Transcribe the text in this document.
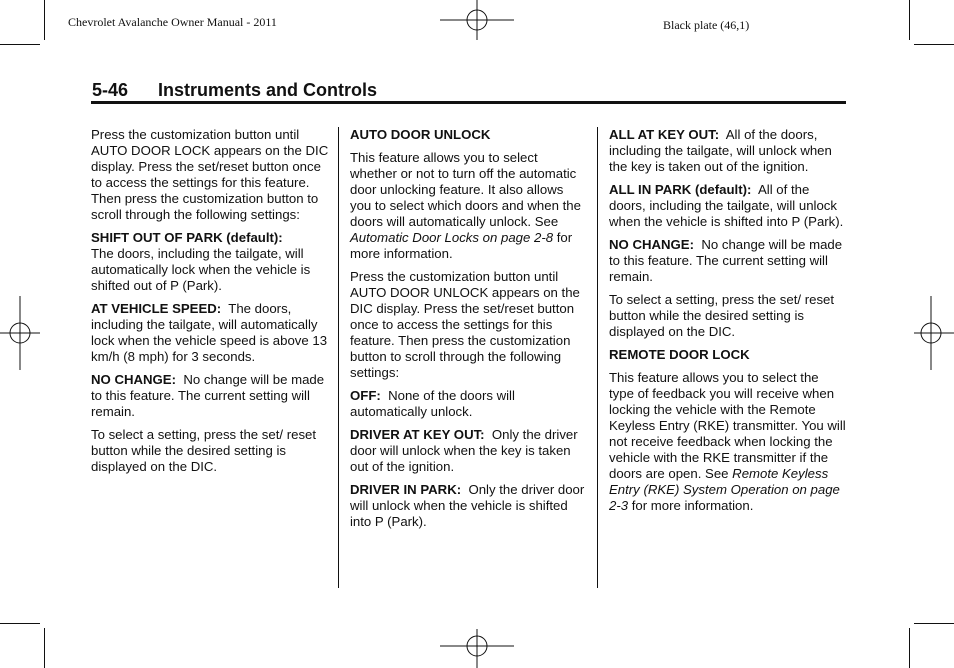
Chevrolet Avalanche Owner Manual - 2011	Black plate (46,1)
5-46 Instruments and Controls

Press the customization button until AUTO DOOR LOCK appears on the DIC display. Press the set/reset button once to access the settings for this feature. Then press the customization button to scroll through the following settings:

SHIFT OUT OF PARK (default):
The doors, including the tailgate, will automatically lock when the vehicle is shifted out of P (Park).

AT VEHICLE SPEED: The doors, including the tailgate, will automatically lock when the vehicle speed is above 13 km/h (8 mph) for 3 seconds.

NO CHANGE: No change will be made to this feature. The current setting will remain.

To select a setting, press the set/ reset button while the desired setting is displayed on the DIC.

AUTO DOOR UNLOCK

This feature allows you to select whether or not to turn off the automatic door unlocking feature. It also allows you to select which doors and when the doors will automatically unlock. See Automatic Door Locks on page 2-8 for more information.

Press the customization button until AUTO DOOR UNLOCK appears on the DIC display. Press the set/reset button once to access the settings for this feature. Then press the customization button to scroll through the following settings:

OFF: None of the doors will automatically unlock.

DRIVER AT KEY OUT: Only the driver door will unlock when the key is taken out of the ignition.

DRIVER IN PARK: Only the driver door will unlock when the vehicle is shifted into P (Park).

ALL AT KEY OUT: All of the doors, including the tailgate, will unlock when the key is taken out of the ignition.

ALL IN PARK (default): All of the doors, including the tailgate, will unlock when the vehicle is shifted into P (Park).

NO CHANGE: No change will be made to this feature. The current setting will remain.

To select a setting, press the set/ reset button while the desired setting is displayed on the DIC.

REMOTE DOOR LOCK

This feature allows you to select the type of feedback you will receive when locking the vehicle with the Remote Keyless Entry (RKE) transmitter. You will not receive feedback when locking the vehicle with the RKE transmitter if the doors are open. See Remote Keyless Entry (RKE) System Operation on page 2-3 for more information.
